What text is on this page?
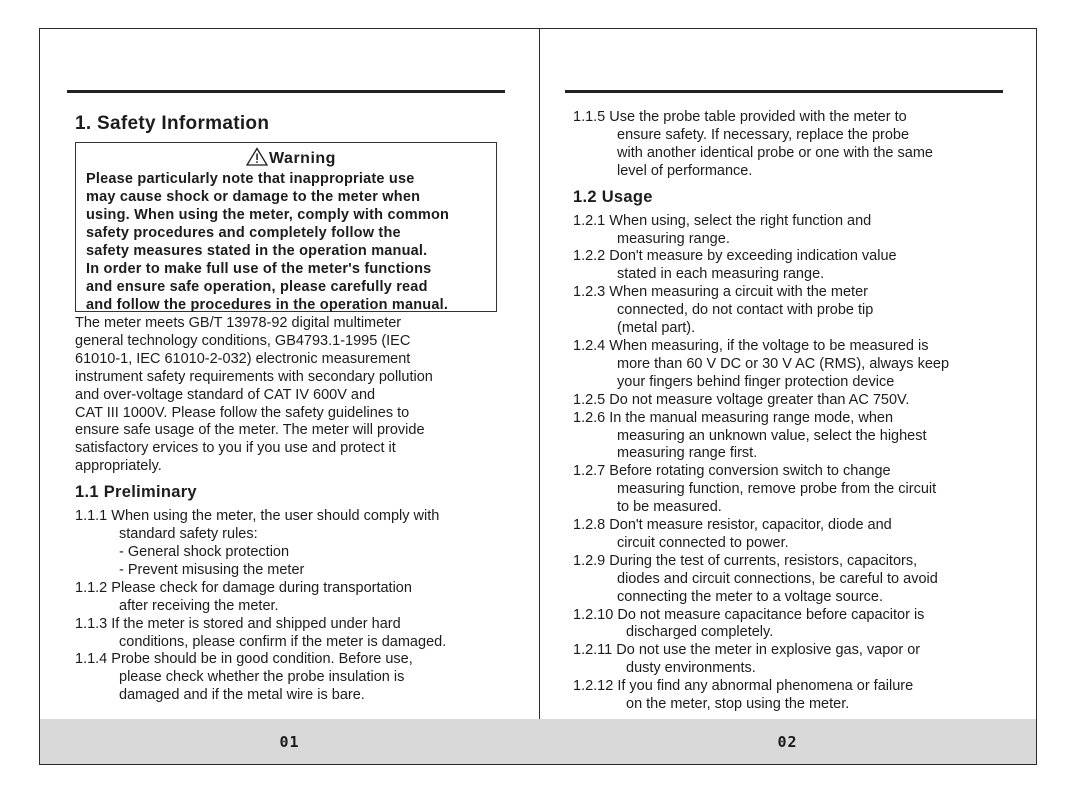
1. Safety Information
Warning
Please particularly note that inappropriate use
may cause shock or damage to the meter when
using. When using the meter, comply with common
safety procedures and completely follow the
safety measures stated in the operation manual.
In order to make full use of the meter's functions
and ensure safe operation, please carefully read
and follow the procedures in the operation manual.
The meter meets GB/T 13978-92 digital multimeter
general technology conditions, GB4793.1-1995 (IEC
61010-1, IEC 61010-2-032) electronic measurement
instrument safety requirements with secondary pollution
and over-voltage standard of CAT IV 600V and
CAT III 1000V. Please follow the safety guidelines to
ensure safe usage of the meter. The meter will provide
satisfactory ervices to you if you use and protect it
appropriately.
1.1 Preliminary
1.1.1 When using the meter, the user should comply with
standard safety rules:
- General shock protection
- Prevent misusing the meter
1.1.2 Please check for damage during transportation
after receiving the meter.
1.1.3 If the meter is stored and shipped under hard
conditions, please confirm if the meter is damaged.
1.1.4 Probe should be in good condition. Before use,
please check whether the probe insulation is
damaged and if the metal wire is bare.
01
1.1.5 Use the probe table provided with the meter to
ensure safety. If necessary, replace the probe
with another identical probe or one with the same
level of performance.
1.2 Usage
1.2.1 When using, select the right function and
measuring range.
1.2.2 Don't measure by exceeding indication value
stated in each measuring range.
1.2.3 When measuring a circuit with the meter
connected, do not contact with probe tip
(metal part).
1.2.4 When measuring, if the voltage to be measured is
more than 60 V DC or 30 V AC (RMS), always keep
your fingers behind finger protection device
1.2.5 Do not measure voltage greater than AC 750V.
1.2.6 In the manual measuring range mode, when
measuring an unknown value, select the highest
measuring range first.
1.2.7 Before rotating conversion switch to change
measuring function, remove probe from the circuit
to be measured.
1.2.8 Don't measure resistor, capacitor, diode and
circuit connected to power.
1.2.9 During the test of currents, resistors, capacitors,
diodes and circuit connections, be careful to avoid
connecting the meter to a voltage source.
1.2.10 Do not measure capacitance before capacitor is
discharged completely.
1.2.11 Do not use the meter in explosive gas, vapor or
dusty environments.
1.2.12 If you find any abnormal phenomena or failure
on the meter, stop using the meter.
02
